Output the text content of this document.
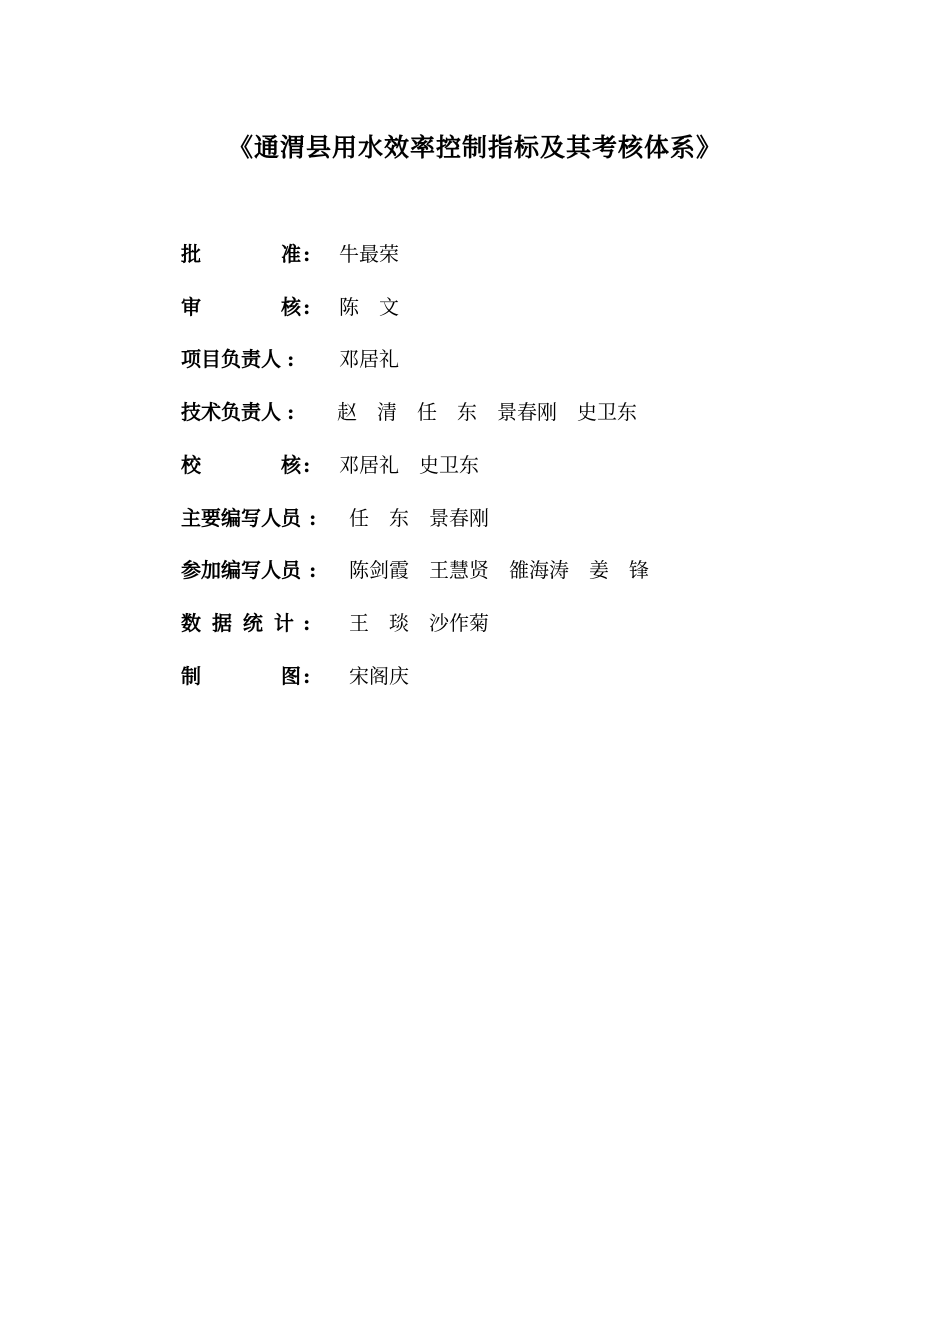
《通渭县用水效率控制指标及其考核体系》
批　　　　准 : 牛最荣
审　　　　核 : 陈　文
项目负责人 : 邓居礼
技术负责人 : 赵　清　任　东　景春刚　史卫东
校　　　　核 : 邓居礼　史卫东
主要编写人员 : 任　东　景春刚
参加编写人员 : 陈剑霞　王慧贤　雒海涛　姜　锋
数 据 统 计 : 王　琰　沙作菊
制　　　　图 : 宋阁庆
